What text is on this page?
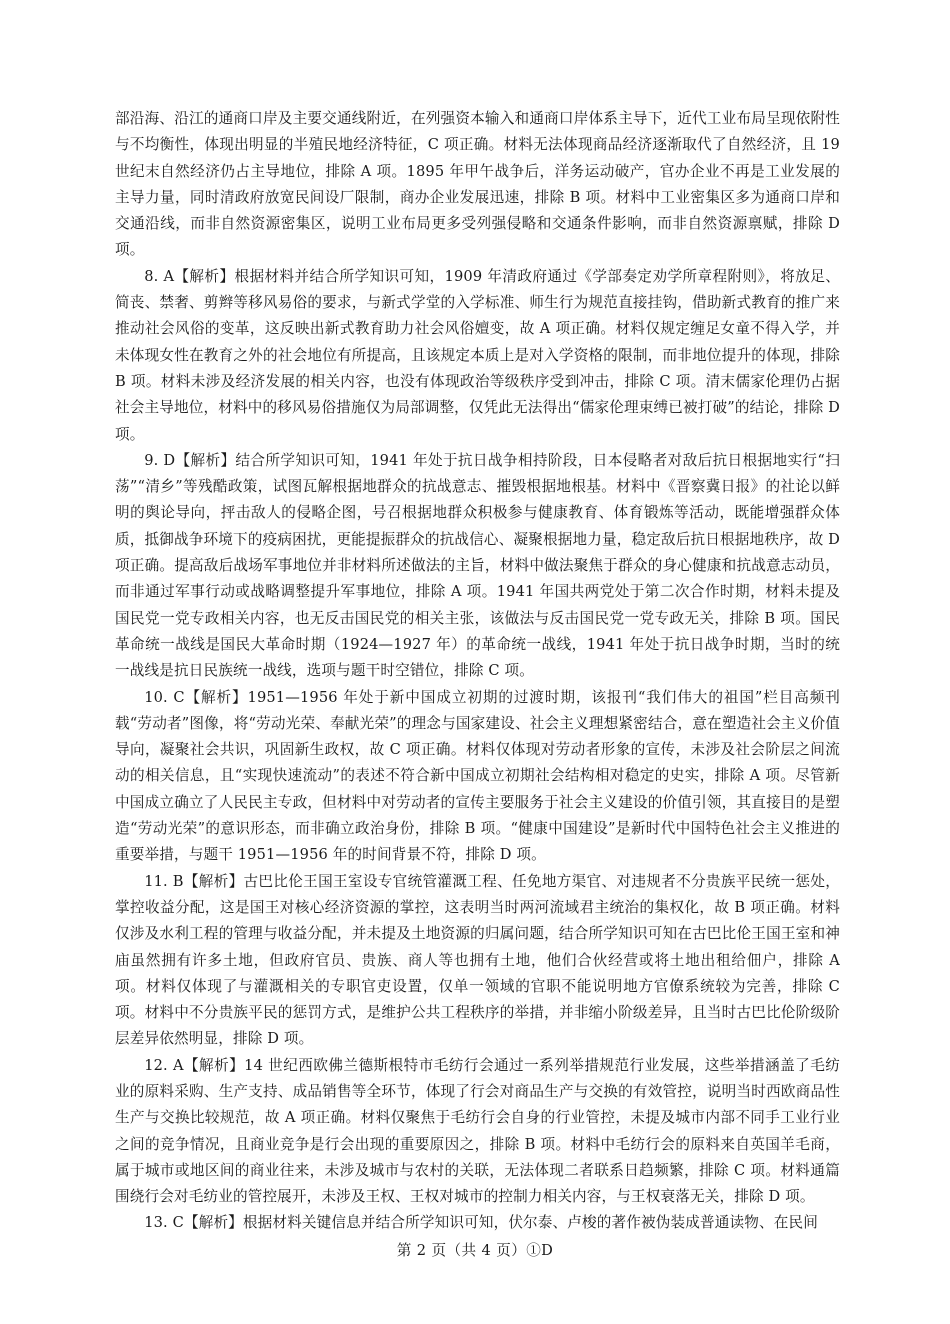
部沿海、沿江的通商口岸及主要交通线附近，在列强资本输入和通商口岸体系主导下，近代工业布局呈现依附性与不均衡性，体现出明显的半殖民地经济特征，C 项正确。材料无法体现商品经济逐渐取代了自然经济，且 19 世纪末自然经济仍占主导地位，排除 A 项。1895 年甲午战争后，洋务运动破产，官办企业不再是工业发展的主导力量，同时清政府放宽民间设厂限制，商办企业发展迅速，排除 B 项。材料中工业密集区多为通商口岸和交通沿线，而非自然资源密集区，说明工业布局更多受列强侵略和交通条件影响，而非自然资源禀赋，排除 D 项。

8. A【解析】根据材料并结合所学知识可知，1909 年清政府通过《学部奏定劝学所章程附则》，将放足、简丧、禁奢、剪辫等移风易俗的要求，与新式学堂的入学标准、师生行为规范直接挂钩，借助新式教育的推广来推动社会风俗的变革，这反映出新式教育助力社会风俗嬗变，故 A 项正确。材料仅规定缠足女童不得入学，并未体现女性在教育之外的社会地位有所提高，且该规定本质上是对入学资格的限制，而非地位提升的体现，排除 B 项。材料未涉及经济发展的相关内容，也没有体现政治等级秩序受到冲击，排除 C 项。清末儒家伦理仍占据社会主导地位，材料中的移风易俗措施仅为局部调整，仅凭此无法得出“儒家伦理束缚已被打破”的结论，排除 D 项。

9. D【解析】结合所学知识可知，1941 年处于抗日战争相持阶段，日本侵略者对敌后抗日根据地实行“扫荡”“清乡”等残酷政策，试图瓦解根据地群众的抗战意志、摧毁根据地根基。材料中《晋察冀日报》的社论以鲜明的舆论导向，抨击敌人的侵略企图，号召根据地群众积极参与健康教育、体育锻炼等活动，既能增强群众体质，抵御战争环境下的疫病困扰，更能提振群众的抗战信心、凝聚根据地力量，稳定敌后抗日根据地秩序，故 D 项正确。提高敌后战场军事地位并非材料所述做法的主旨，材料中做法聚焦于群众的身心健康和抗战意志动员，而非通过军事行动或战略调整提升军事地位，排除 A 项。1941 年国共两党处于第二次合作时期，材料未提及国民党一党专政相关内容，也无反击国民党的相关主张，该做法与反击国民党一党专政无关，排除 B 项。国民革命统一战线是国民大革命时期（1924—1927 年）的革命统一战线，1941 年处于抗日战争时期，当时的统一战线是抗日民族统一战线，选项与题干时空错位，排除 C 项。

10. C【解析】1951—1956 年处于新中国成立初期的过渡时期，该报刊“我们伟大的祖国”栏目高频刊载“劳动者”图像，将“劳动光荣、奉献光荣”的理念与国家建设、社会主义理想紧密结合，意在塑造社会主义价值导向，凝聚社会共识，巩固新生政权，故 C 项正确。材料仅体现对劳动者形象的宣传，未涉及社会阶层之间流动的相关信息，且“实现快速流动”的表述不符合新中国成立初期社会结构相对稳定的史实，排除 A 项。尽管新中国成立确立了人民民主专政，但材料中对劳动者的宣传主要服务于社会主义建设的价值引领，其直接目的是塑造“劳动光荣”的意识形态，而非确立政治身份，排除 B 项。“健康中国建设”是新时代中国特色社会主义推进的重要举措，与题干 1951—1956 年的时间背景不符，排除 D 项。

11. B【解析】古巴比伦王国王室设专官统管灌溉工程、任免地方渠官、对违规者不分贵族平民统一惩处，掌控收益分配，这是国王对核心经济资源的掌控，这表明当时两河流域君主统治的集权化，故 B 项正确。材料仅涉及水利工程的管理与收益分配，并未提及土地资源的归属问题，结合所学知识可知在古巴比伦王国王室和神庙虽然拥有许多土地，但政府官员、贵族、商人等也拥有土地，他们合伙经营或将土地出租给佃户，排除 A 项。材料仅体现了与灌溉相关的专职官吏设置，仅单一领域的官职不能说明地方官僚系统较为完善，排除 C 项。材料中不分贵族平民的惩罚方式，是维护公共工程秩序的举措，并非缩小阶级差异，且当时古巴比伦阶级阶层差异依然明显，排除 D 项。

12. A【解析】14 世纪西欧佛兰德斯根特市毛纺行会通过一系列举措规范行业发展，这些举措涵盖了毛纺业的原料采购、生产支持、成品销售等全环节，体现了行会对商品生产与交换的有效管控，说明当时西欧商品性生产与交换比较规范，故 A 项正确。材料仅聚焦于毛纺行会自身的行业管控，未提及城市内部不同手工业行业之间的竞争情况，且商业竞争是行会出现的重要原因之，排除 B 项。材料中毛纺行会的原料来自英国羊毛商，属于城市或地区间的商业往来，未涉及城市与农村的关联，无法体现二者联系日趋频繁，排除 C 项。材料通篇围绕行会对毛纺业的管控展开，未涉及王权、王权对城市的控制力相关内容，与王权衰落无关，排除 D 项。

13. C【解析】根据材料关键信息并结合所学知识可知，伏尔泰、卢梭的著作被伪装成普通读物、在民间

第 2 页（共 4 页）①D
